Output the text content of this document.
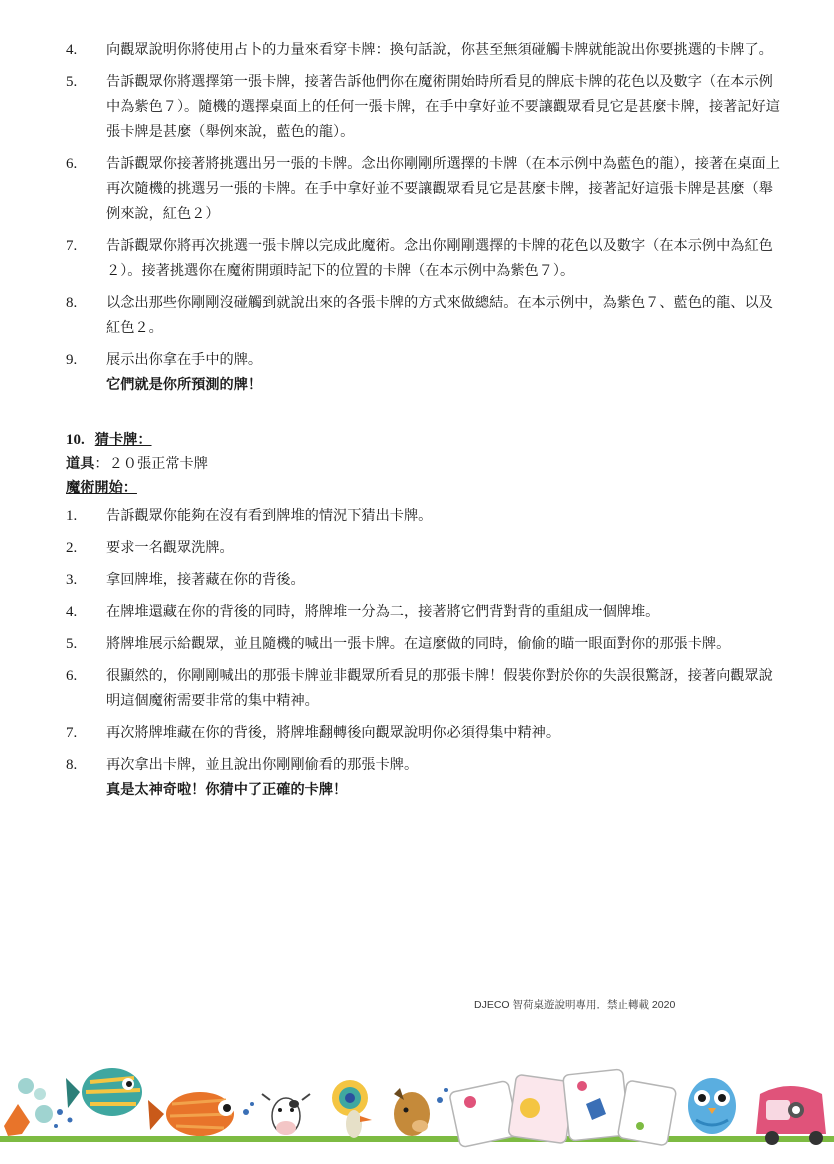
4.	向觀眾說明你將使用占卜的力量來看穿卡牌：換句話說，你甚至無須碰觸卡牌就能說出你要挑選的卡牌了。
5.	告訴觀眾你將選擇第一張卡牌，接著告訴他們你在魔術開始時所看見的牌底卡牌的花色以及數字（在本示例中為紫色７）。隨機的選擇桌面上的任何一張卡牌，在手中拿好並不要讓觀眾看見它是甚麼卡牌，接著記好這張卡牌是甚麼（舉例來說，藍色的龍）。
6.	告訴觀眾你接著將挑選出另一張的卡牌。念出你剛剛所選擇的卡牌（在本示例中為藍色的龍），接著在桌面上再次隨機的挑選另一張的卡牌。在手中拿好並不要讓觀眾看見它是甚麼卡牌，接著記好這張卡牌是甚麼（舉例來說，紅色２）
7.	告訴觀眾你將再次挑選一張卡牌以完成此魔術。念出你剛剛選擇的卡牌的花色以及數字（在本示例中為紅色２）。接著挑選你在魔術開頭時記下的位置的卡牌（在本示例中為紫色７）。
8.	以念出那些你剛剛沒碰觸到就說出來的各張卡牌的方式來做總結。在本示例中，為紫色７、藍色的龍、以及紅色２。
9.	展示出你拿在手中的牌。
它們就是你所預測的牌！
10. 猜卡牌：
道具：２０張正常卡牌
魔術開始：
1.	告訴觀眾你能夠在沒有看到牌堆的情況下猜出卡牌。
2.	要求一名觀眾洗牌。
3.	拿回牌堆，接著藏在你的背後。
4.	在牌堆還藏在你的背後的同時，將牌堆一分為二，接著將它們背對背的重組成一個牌堆。
5.	將牌堆展示給觀眾，並且隨機的喊出一張卡牌。在這麼做的同時，偷偷的瞄一眼面對你的那張卡牌。
6.	很顯然的，你剛剛喊出的那張卡牌並非觀眾所看見的那張卡牌！假裝你對於你的失誤很驚訝，接著向觀眾說明這個魔術需要非常的集中精神。
7.	再次將牌堆藏在你的背後，將牌堆翻轉後向觀眾說明你必須得集中精神。
8.	再次拿出卡牌，並且說出你剛剛偷看的那張卡牌。
真是太神奇啦！你猜中了正確的卡牌！
DJECO 智荷桌遊說明專用．禁止轉載 2020
